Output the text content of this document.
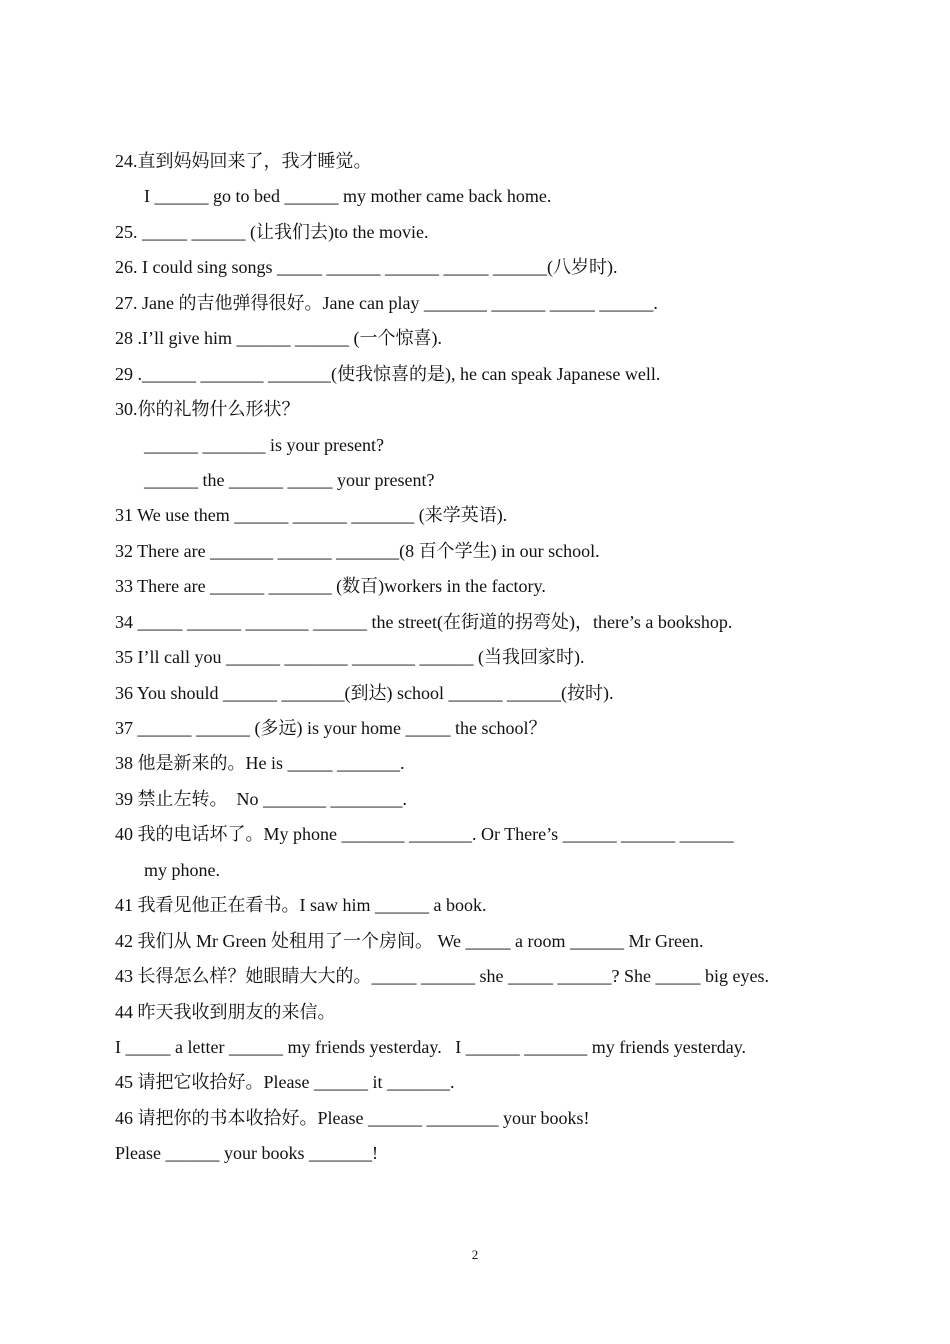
24.直到妈妈回来了，我才睡觉。
I ______ go to bed ______ my mother came back home.
25. _____ ______ (让我们去)to the movie.
26. I could sing songs _____ ______ ______ _____ ______(八岁时).
27. Jane 的吉他弹得很好。Jane can play _______ ______ _____ ______.
28 .I’ll give him ______ ______ (一个惊喜).
29 .______ _______ _______(使我惊喜的是), he can speak Japanese well.
30.你的礼物什么形状？
______ _______ is your present?
______ the ______ _____ your present?
31 We use them ______ ______ _______ (来学英语).
32 There are _______ ______ _______(8 百个学生) in our school.
33 There are ______ _______ (数百)workers in the factory.
34 _____ ______ _______ ______ the street(在街道的拐弯处)，there’s a bookshop.
35 I’ll call you ______ _______ _______ ______ (当我回家时).
36 You should ______ _______(到达) school ______ ______(按时).
37 ______ ______ (多远) is your home _____ the school？
38 他是新来的。He is _____ _______.
39 禁止左转。  No _______ ________.
40 我的电话坏了。My phone _______ _______. Or There’s ______ ______ ______
my phone.
41 我看见他正在看书。I saw him ______ a book.
42 我们从 Mr Green 处租用了一个房间。 We _____ a room ______ Mr Green.
43 长得怎么样？她眼睛大大的。_____ ______ she _____ ______? She _____ big eyes.
44 昨天我收到朋友的来信。
I _____ a letter ______ my friends yesterday.   I ______ _______ my friends yesterday.
45 请把它收拾好。Please ______ it _______.
46 请把你的书本收拾好。Please ______ ________ your books!
Please ______ your books _______!
2
